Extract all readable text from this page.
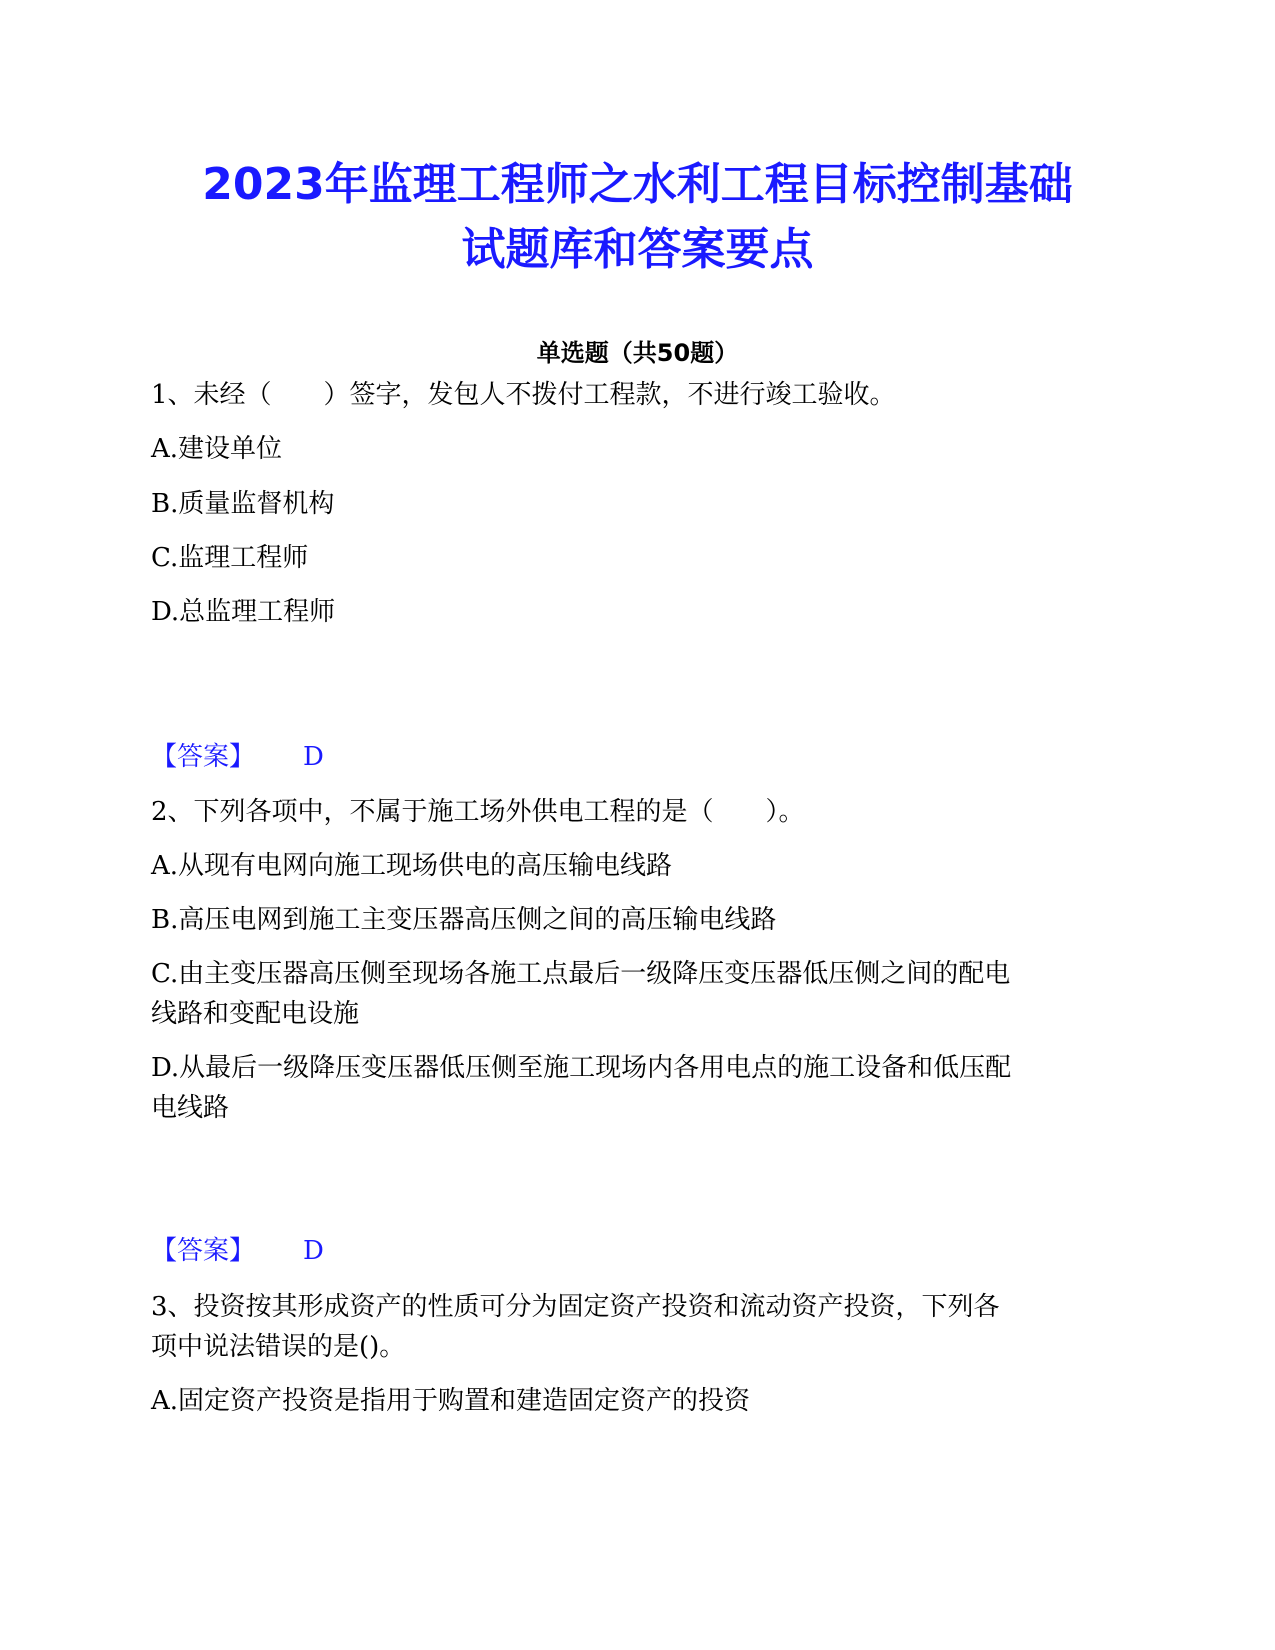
2023年监理工程师之水利工程目标控制基础
试题库和答案要点
单选题（共50题）
1、未经（　　）签字，发包人不拨付工程款，不进行竣工验收。
A.建设单位
B.质量监督机构
C.监理工程师
D.总监理工程师
【答案】 D
2、下列各项中，不属于施工场外供电工程的是（　　）。
A.从现有电网向施工现场供电的高压输电线路
B.高压电网到施工主变压器高压侧之间的高压输电线路
C.由主变压器高压侧至现场各施工点最后一级降压变压器低压侧之间的配电
线路和变配电设施
D.从最后一级降压变压器低压侧至施工现场内各用电点的施工设备和低压配
电线路
【答案】 D
3、投资按其形成资产的性质可分为固定资产投资和流动资产投资，下列各
项中说法错误的是()。
A.固定资产投资是指用于购置和建造固定资产的投资
